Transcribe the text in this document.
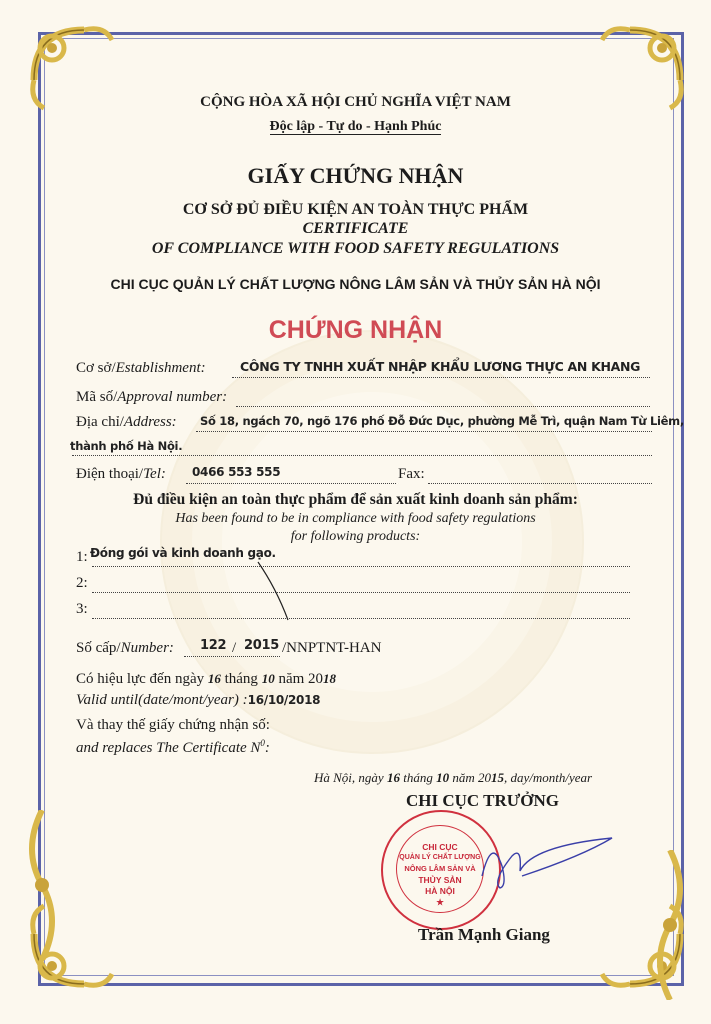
CỘNG HÒA XÃ HỘI CHỦ NGHĨA VIỆT NAM
Độc lập - Tự do - Hạnh Phúc
GIẤY CHỨNG NHẬN
CƠ SỞ ĐỦ ĐIỀU KIỆN AN TOÀN THỰC PHẨM
CERTIFICATE
OF COMPLIANCE WITH FOOD SAFETY REGULATIONS
CHI CỤC QUẢN LÝ CHẤT LƯỢNG NÔNG LÂM SẢN VÀ THỦY SẢN HÀ NỘI
CHỨNG NHẬN
Cơ sở/Establishment:	CÔNG TY TNHH XUẤT NHẬP KHẨU LƯƠNG THỰC AN KHANG
Mã số/Approval number:
Địa chỉ/Address: Số 18, ngách 70, ngõ 176 phố Đỗ Đức Dục, phường Mễ Trì, quận Nam Từ Liêm,
thành phố Hà Nội.
Điện thoại/Tel: 0466 553 555	Fax:
Đủ điều kiện an toàn thực phẩm để sản xuất kinh doanh sản phẩm:
Has been found to be in compliance with food safety regulations
for following products:
1: Đóng gói và kinh doanh gạo.
2:
3:
Số cấp/Number: 122 / 2015 /NNPTNT-HAN
Có hiệu lực đến ngày 16 tháng 10 năm 2018
Valid until(date/mont/year) :16/10/2018
Và thay thế giấy chứng nhận số:
and replaces The Certificate $N^0$:
Hà Nội, ngày 16 tháng 10 năm 2015, day/month/year
CHI CỤC TRƯỞNG
CHI CỤC
QUẢN LÝ CHẤT LƯỢNG
NÔNG LÂM SẢN VÀ
THỦY SẢN
HÀ NỘI
★
Trần Mạnh Giang
